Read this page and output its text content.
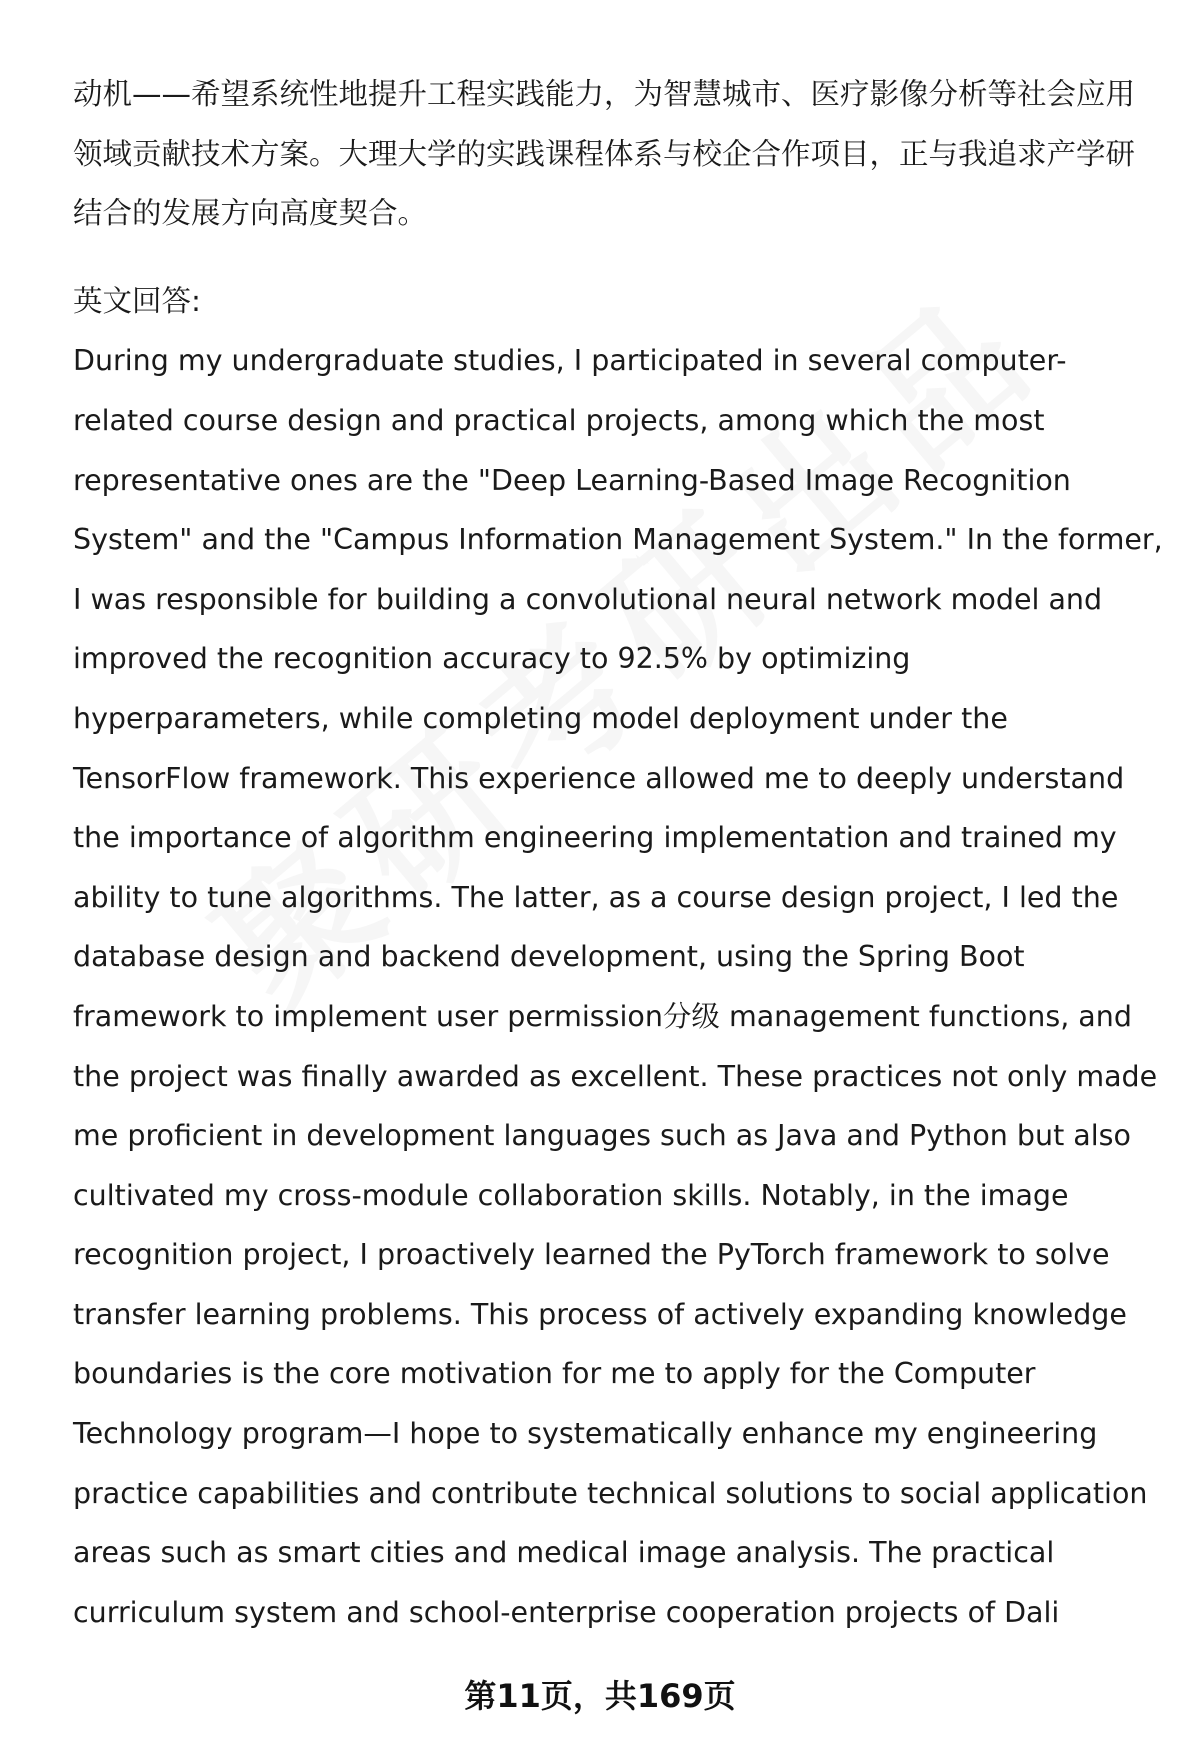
动机——希望系统性地提升工程实践能力，为智慧城市、医疗影像分析等社会应用
领域贡献技术方案。大理大学的实践课程体系与校企合作项目，正与我追求产学研
结合的发展方向高度契合。
英文回答:
During my undergraduate studies, I participated in several computer-
related course design and practical projects, among which the most
representative ones are the "Deep Learning-Based Image Recognition
System" and the "Campus Information Management System." In the former,
I was responsible for building a convolutional neural network model and
improved the recognition accuracy to 92.5% by optimizing
hyperparameters, while completing model deployment under the
TensorFlow framework. This experience allowed me to deeply understand
the importance of algorithm engineering implementation and trained my
ability to tune algorithms. The latter, as a course design project, I led the
database design and backend development, using the Spring Boot
framework to implement user permission分级 management functions, and
the project was finally awarded as excellent. These practices not only made
me proficient in development languages such as Java and Python but also
cultivated my cross-module collaboration skills. Notably, in the image
recognition project, I proactively learned the PyTorch framework to solve
transfer learning problems. This process of actively expanding knowledge
boundaries is the core motivation for me to apply for the Computer
Technology program—I hope to systematically enhance my engineering
practice capabilities and contribute technical solutions to social application
areas such as smart cities and medical image analysis. The practical
curriculum system and school-enterprise cooperation projects of Dali
第11页，共169页
